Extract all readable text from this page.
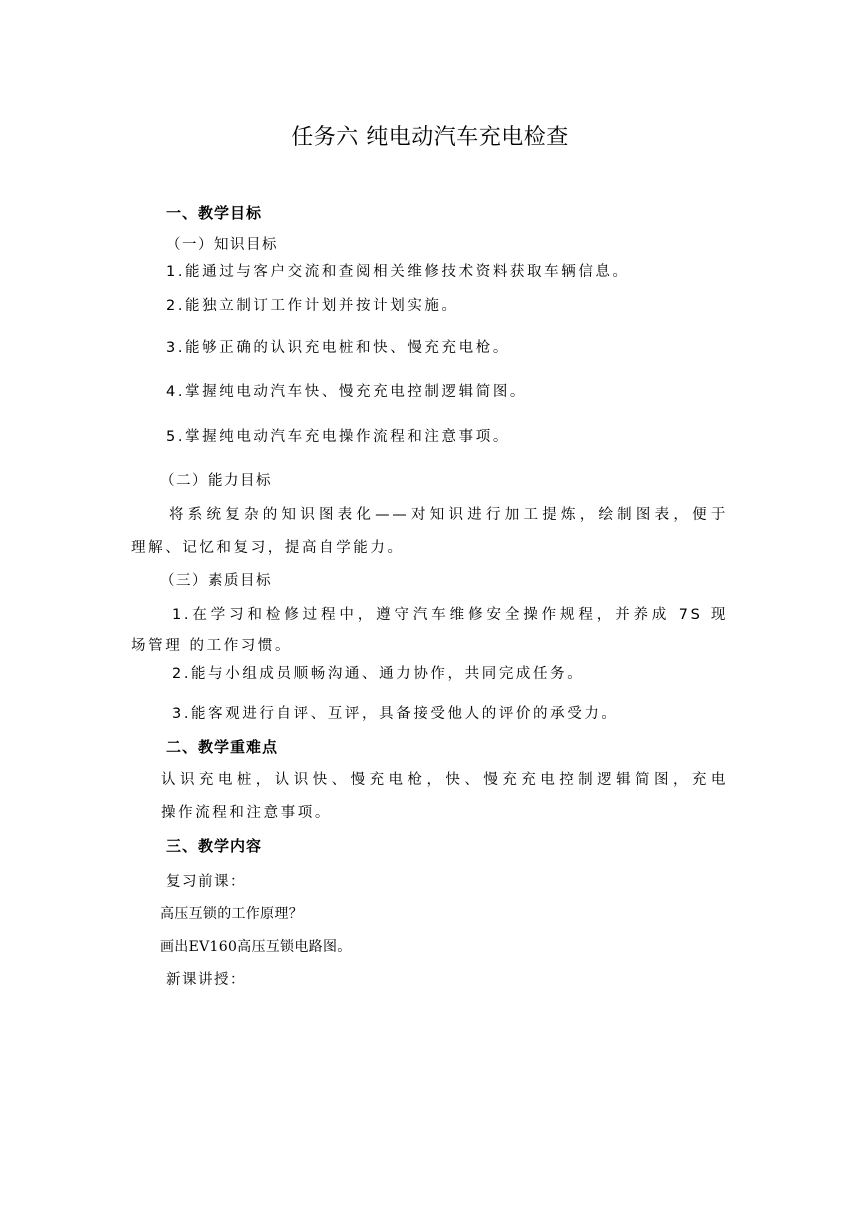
任务六 纯电动汽车充电检查
一、教学目标
（一）知识目标
1.能通过与客户交流和查阅相关维修技术资料获取车辆信息。
2.能独立制订工作计划并按计划实施。
3.能够正确的认识充电桩和快、慢充充电枪。
4.掌握纯电动汽车快、慢充充电控制逻辑简图。
5.掌握纯电动汽车充电操作流程和注意事项。
（二）能力目标
将系统复杂的知识图表化——对知识进行加工提炼，绘制图表，便于
理解、记忆和复习，提高自学能力。
（三）素质目标
1.在学习和检修过程中，遵守汽车维修安全操作规程，并养成 7S 现
场管理 的工作习惯。
2.能与小组成员顺畅沟通、通力协作，共同完成任务。
3.能客观进行自评、互评，具备接受他人的评价的承受力。
二、教学重难点
认识充电桩，认识快、慢充电枪，快、慢充充电控制逻辑简图，充电
操作流程和注意事项。
三、教学内容
复习前课：
高压互锁的工作原理？
画出EV160高压互锁电路图。
新课讲授：
